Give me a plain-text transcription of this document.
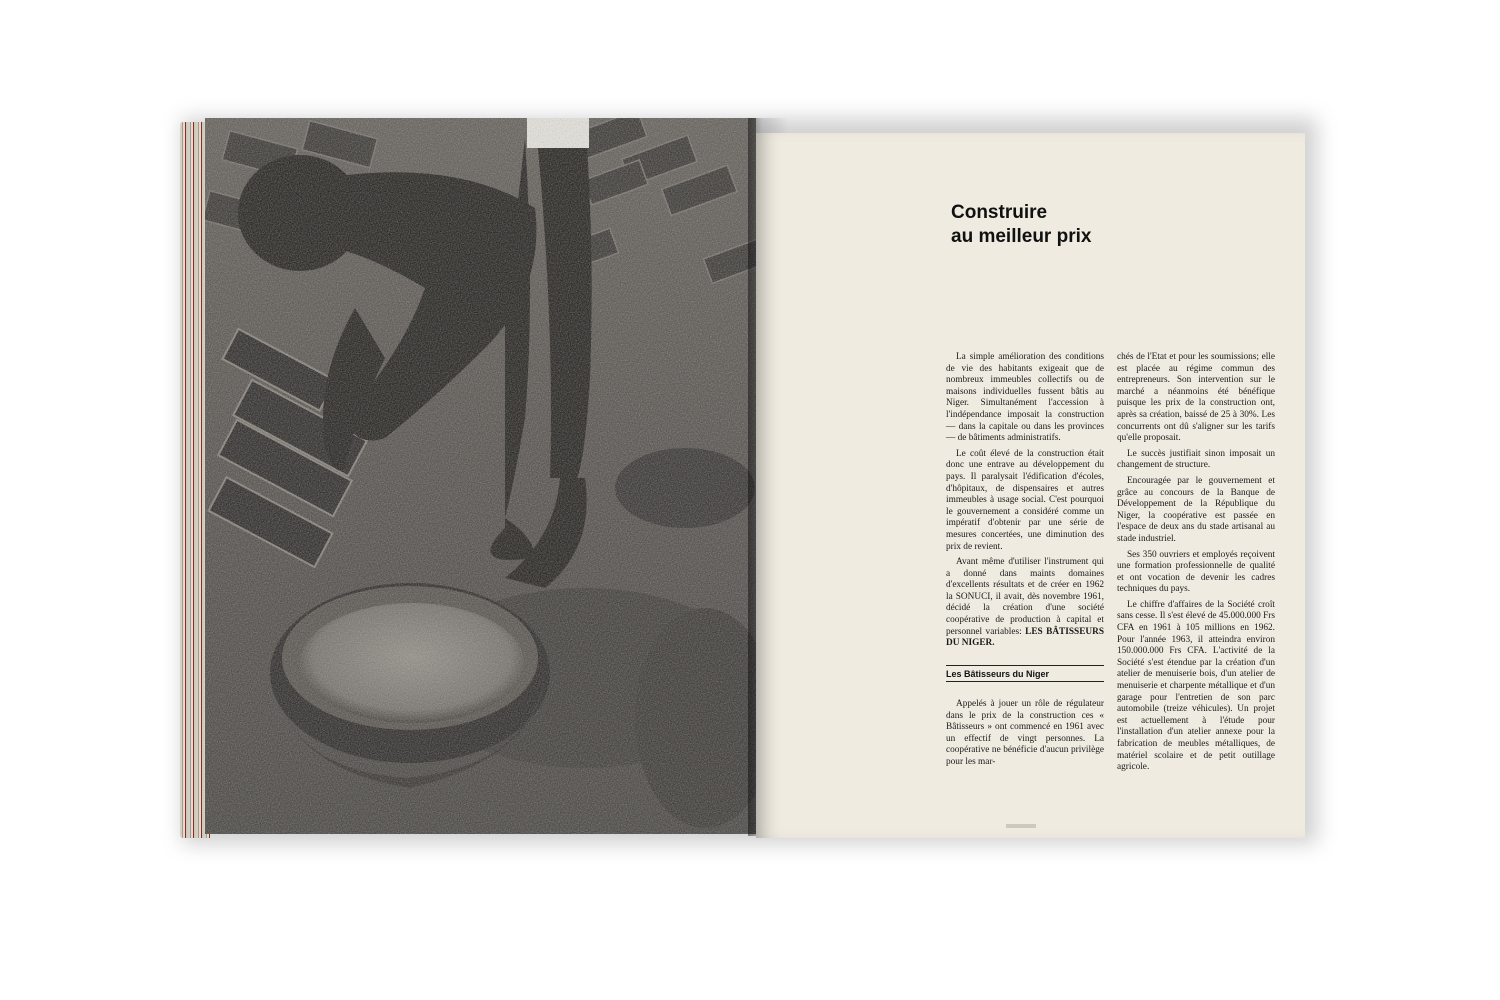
Construire
au meilleur prix

La simple amélioration des conditions de vie des habitants exigeait que de nombreux immeubles collectifs ou de maisons individuelles fussent bâtis au Niger. Simultanément l'accession à l'indépendance imposait la construction — dans la capitale ou dans les provinces — de bâtiments administratifs.

Le coût élevé de la construction était donc une entrave au développement du pays. Il paralysait l'édification d'écoles, d'hôpitaux, de dispensaires et autres immeubles à usage social. C'est pourquoi le gouvernement a considéré comme un impératif d'obtenir par une série de mesures concertées, une diminution des prix de revient.

Avant même d'utiliser l'instrument qui a donné dans maints domaines d'excellents résultats et de créer en 1962 la SONUCI, il avait, dès novembre 1961, décidé la création d'une société coopérative de production à capital et personnel variables: LES BÂTISSEURS DU NIGER.

Les Bâtisseurs du Niger

Appelés à jouer un rôle de régulateur dans le prix de la construction ces « Bâtisseurs » ont commencé en 1961 avec un effectif de vingt personnes. La coopérative ne bénéficie d'aucun privilège pour les mar-

chés de l'Etat et pour les soumissions; elle est placée au régime commun des entrepreneurs. Son intervention sur le marché a néanmoins été bénéfique puisque les prix de la construction ont, après sa création, baissé de 25 à 30%. Les concurrents ont dû s'aligner sur les tarifs qu'elle proposait.

Le succès justifiait sinon imposait un changement de structure.

Encouragée par le gouvernement et grâce au concours de la Banque de Développement de la République du Niger, la coopérative est passée en l'espace de deux ans du stade artisanal au stade industriel.

Ses 350 ouvriers et employés reçoivent une formation professionnelle de qualité et ont vocation de devenir les cadres techniques du pays.

Le chiffre d'affaires de la Société croît sans cesse. Il s'est élevé de 45.000.000 Frs CFA en 1961 à 105 millions en 1962. Pour l'année 1963, il atteindra environ 150.000.000 Frs CFA. L'activité de la Société s'est étendue par la création d'un atelier de menuiserie bois, d'un atelier de menuiserie et charpente métallique et d'un garage pour l'entretien de son parc automobile (treize véhicules). Un projet est actuellement à l'étude pour l'installation d'un atelier annexe pour la fabrication de meubles métalliques, de matériel scolaire et de petit outillage agricole.
